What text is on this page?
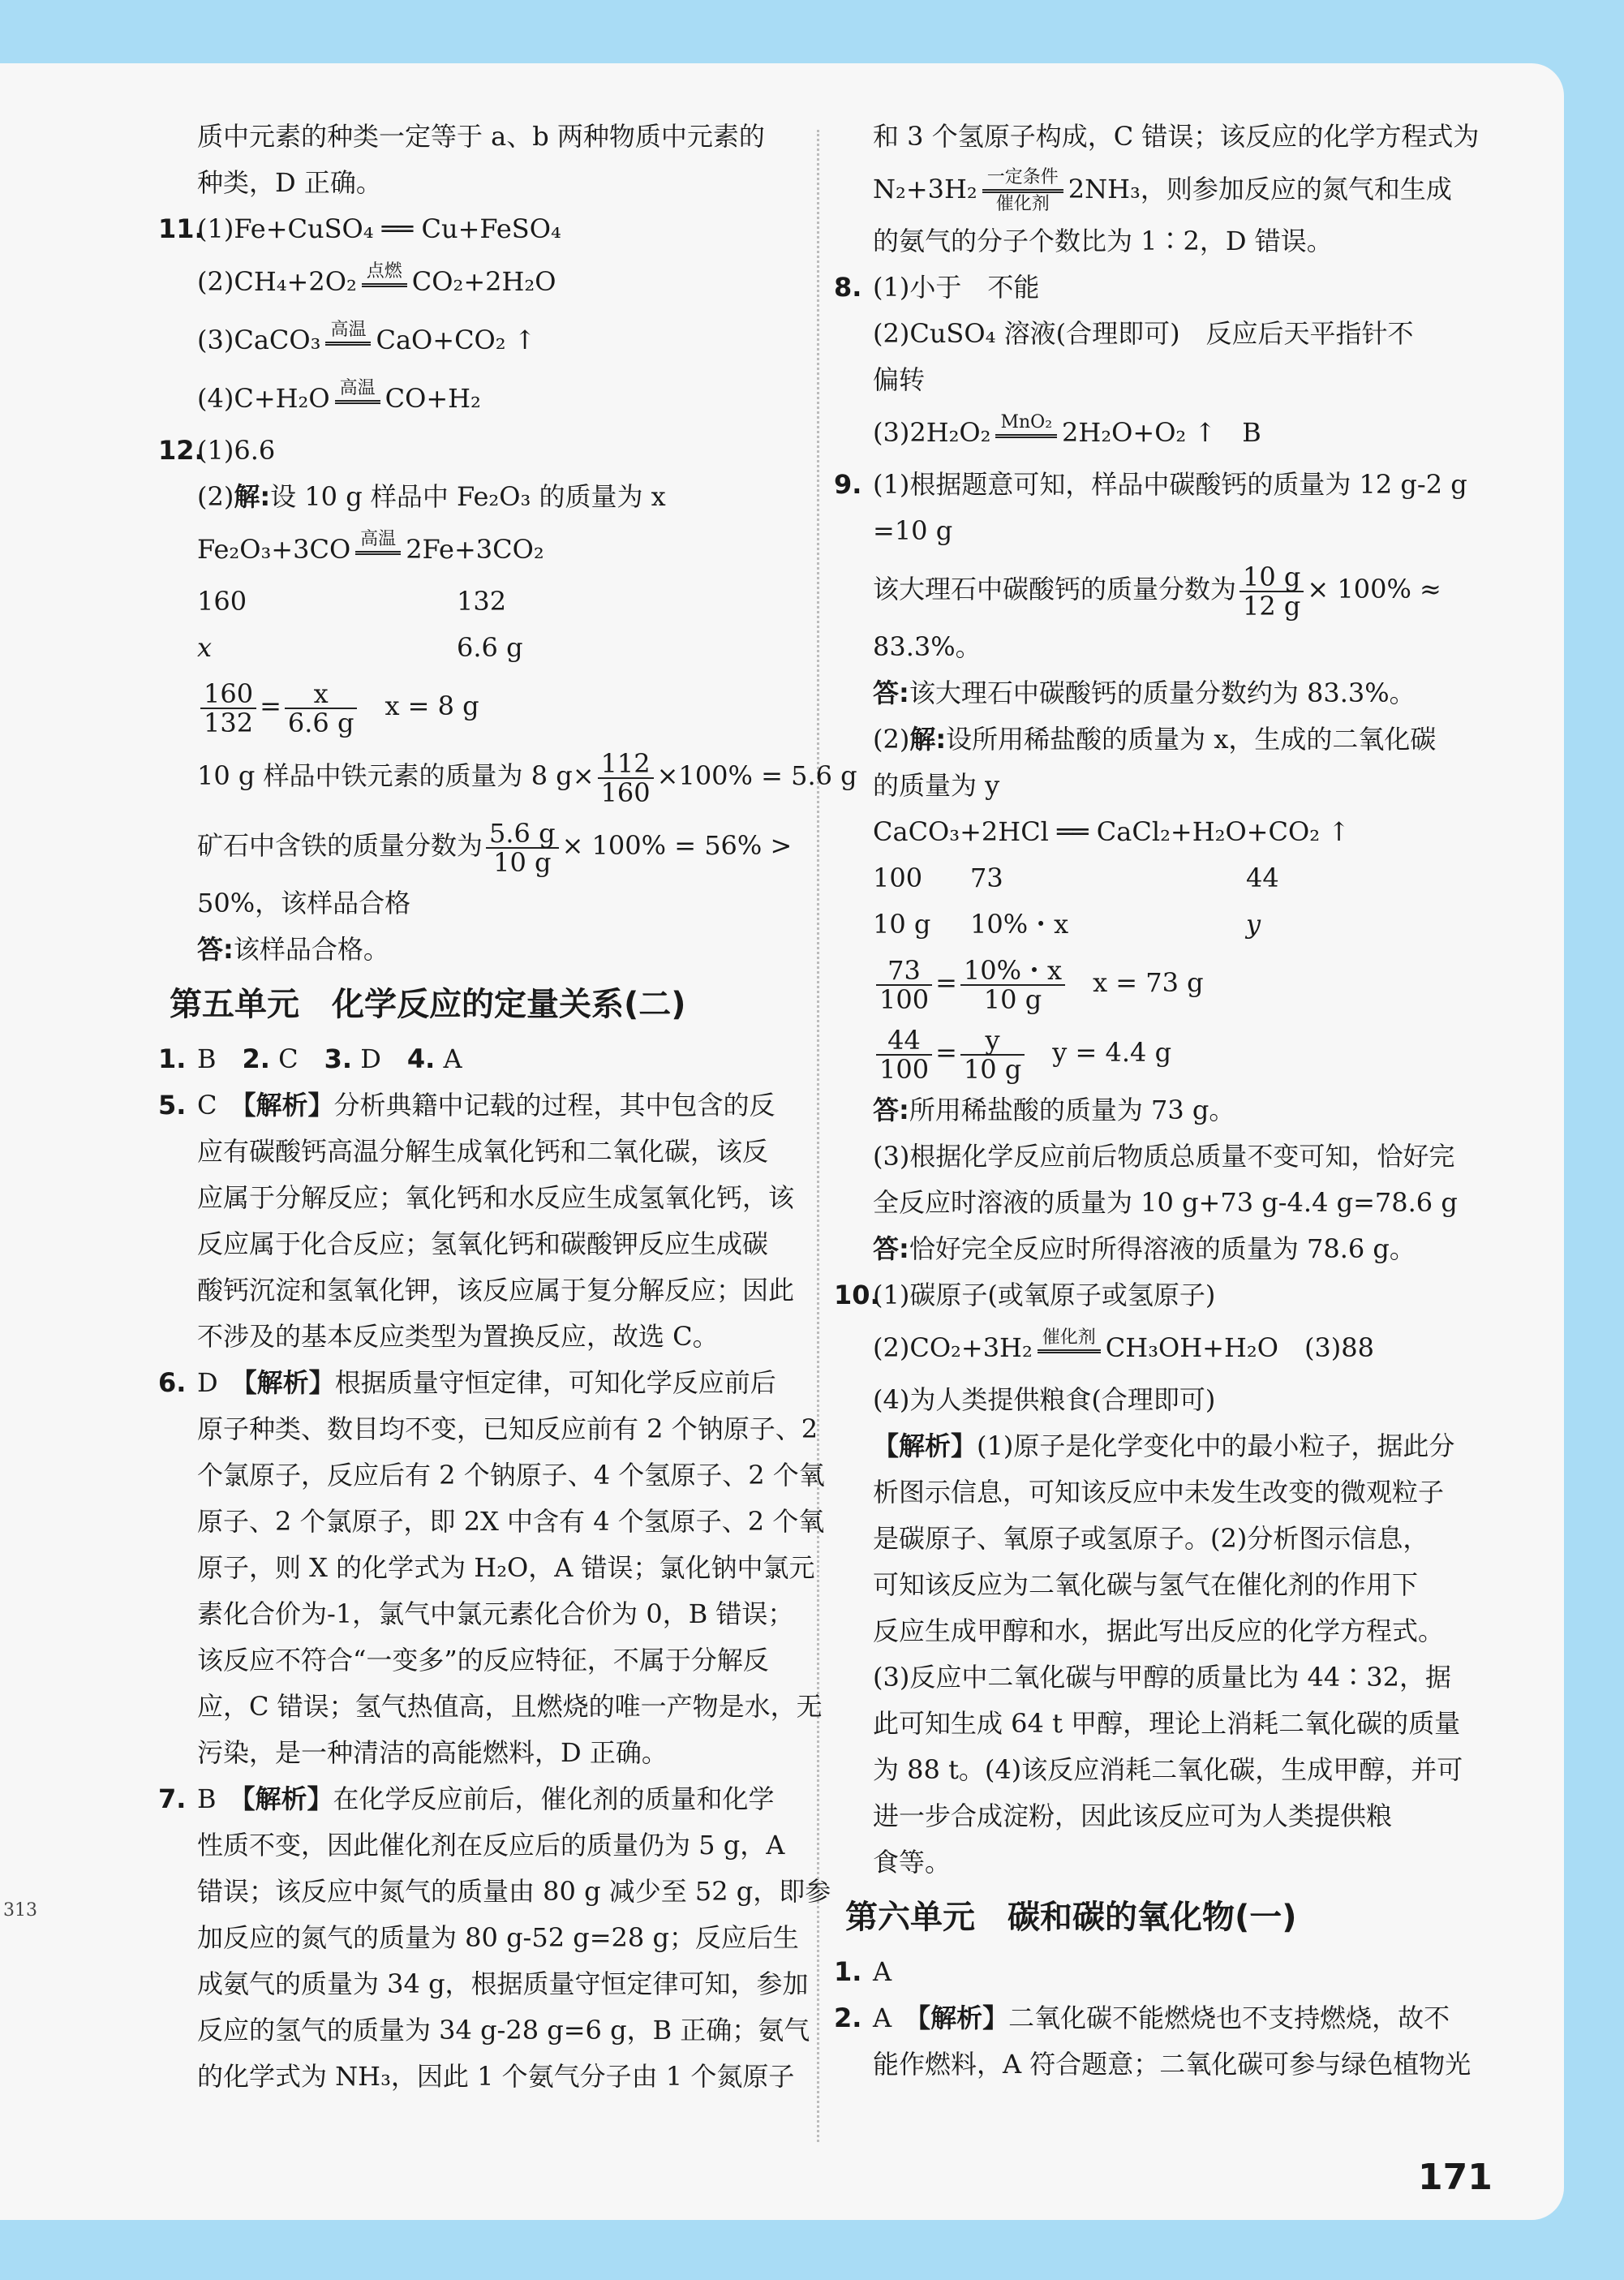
313
质中元素的种类一定等于 a、b 两种物质中元素的
种类，D 正确。
11.(1)Fe+CuSO₄ ══ Cu+FeSO₄
(2)CH₄+2O₂ 点燃 CO₂+2H₂O
(3)CaCO₃ 高温 CaO+CO₂ ↑
(4)C+H₂O 高温 CO+H₂
12.(1)6.6
(2)解:设 10 g 样品中 Fe₂O₃ 的质量为 x
Fe₂O₃+3CO 高温 2Fe+3CO₂
160	132
x	6.6 g
$\frac{160}{132} = \frac{x}{6.6 g}$ x = 8 g
10 g 样品中铁元素的质量为 8 $g\times \frac{112}{160} \times 100\% = 5.6$ g
矿石中含铁的质量分数为 $\frac{5.6 g}{10 g} \times 100\% = 56\%$ >
50%，该样品合格
答:该样品合格。
第五单元　化学反应的定量关系(二)
1. B　 2. C　 3. D　 4. A
5. C　 【解析】分析典籍中记载的过程，其中包含的反
应有碳酸钙高温分解生成氧化钙和二氧化碳，该反
应属于分解反应；氧化钙和水反应生成氢氧化钙，该
反应属于化合反应；氢氧化钙和碳酸钾反应生成碳
酸钙沉淀和氢氧化钾，该反应属于复分解反应；因此
不涉及的基本反应类型为置换反应，故选 C。
6. D　 【解析】根据质量守恒定律，可知化学反应前后
原子种类、数目均不变，已知反应前有 2 个钠原子、2
个氯原子，反应后有 2 个钠原子、4 个氢原子、2 个氧
原子、2 个氯原子，即 2X 中含有 4 个氢原子、2 个氧
原子，则 X 的化学式为 H₂O，A 错误；氯化钠中氯元
素化合价为-1，氯气中氯元素化合价为 0，B 错误；
该反应不符合“一变多”的反应特征，不属于分解反
应，C 错误；氢气热值高，且燃烧的唯一产物是水，无
污染，是一种清洁的高能燃料，D 正确。
7. B　 【解析】在化学反应前后，催化剂的质量和化学
性质不变，因此催化剂在反应后的质量仍为 5 g，A
错误；该反应中氮气的质量由 80 g 减少至 52 g，即参
加反应的氮气的质量为 80 g-52 g=28 g；反应后生
成氨气的质量为 34 g，根据质量守恒定律可知，参加
反应的氢气的质量为 34 g-28 g=6 g，B 正确；氨气
的化学式为 NH₃，因此 1 个氨气分子由 1 个氮原子
和 3 个氢原子构成，C 错误；该反应的化学方程式为
N₂+3H₂ 一定条件
催化剂 2NH₃，则参加反应的氮气和生成
的氨气的分子个数比为 1∶2，D 错误。
8. (1)小于　不能
(2)CuSO₄ 溶液(合理即可)　反应后天平指针不
偏转
(3)2H₂O₂ MnO₂ 2H₂O+O₂ ↑　B
9. (1)根据题意可知，样品中碳酸钙的质量为 12 g-2 g
=10 g
该大理石中碳酸钙的质量分数为 $\frac{10 g}{12 g} \times 100\%$ ≈
83.3%。
答:该大理石中碳酸钙的质量分数约为 83.3%。
(2)解:设所用稀盐酸的质量为 x，生成的二氧化碳
的质量为 y
CaCO₃+2HCl ══ CaCl₂+H₂O+CO₂ ↑
100 73	44
10 g 10%・x	y
$\frac{73}{100} = \frac{10\%・x}{10 g}$ x = 73 g
$\frac{44}{100} = \frac{y}{10 g}$ y = 4.4 g
答:所用稀盐酸的质量为 73 g。
(3)根据化学反应前后物质总质量不变可知，恰好完
全反应时溶液的质量为 10 g+73 g-4.4 g=78.6 g
答:恰好完全反应时所得溶液的质量为 78.6 g。
10.(1)碳原子(或氧原子或氢原子)
(2)CO₂+3H₂ 催化剂 CH₃OH+H₂O　(3)88
(4)为人类提供粮食(合理即可)
【解析】(1)原子是化学变化中的最小粒子，据此分
析图示信息，可知该反应中未发生改变的微观粒子
是碳原子、氧原子或氢原子。(2)分析图示信息，
可知该反应为二氧化碳与氢气在催化剂的作用下
反应生成甲醇和水，据此写出反应的化学方程式。
(3)反应中二氧化碳与甲醇的质量比为 44∶32，据
此可知生成 64 t 甲醇，理论上消耗二氧化碳的质量
为 88 t。(4)该反应消耗二氧化碳，生成甲醇，并可
进一步合成淀粉，因此该反应可为人类提供粮
食等。
第六单元　碳和碳的氧化物(一)
1. A
2. A　 【解析】二氧化碳不能燃烧也不支持燃烧，故不
能作燃料，A 符合题意；二氧化碳可参与绿色植物光
171
